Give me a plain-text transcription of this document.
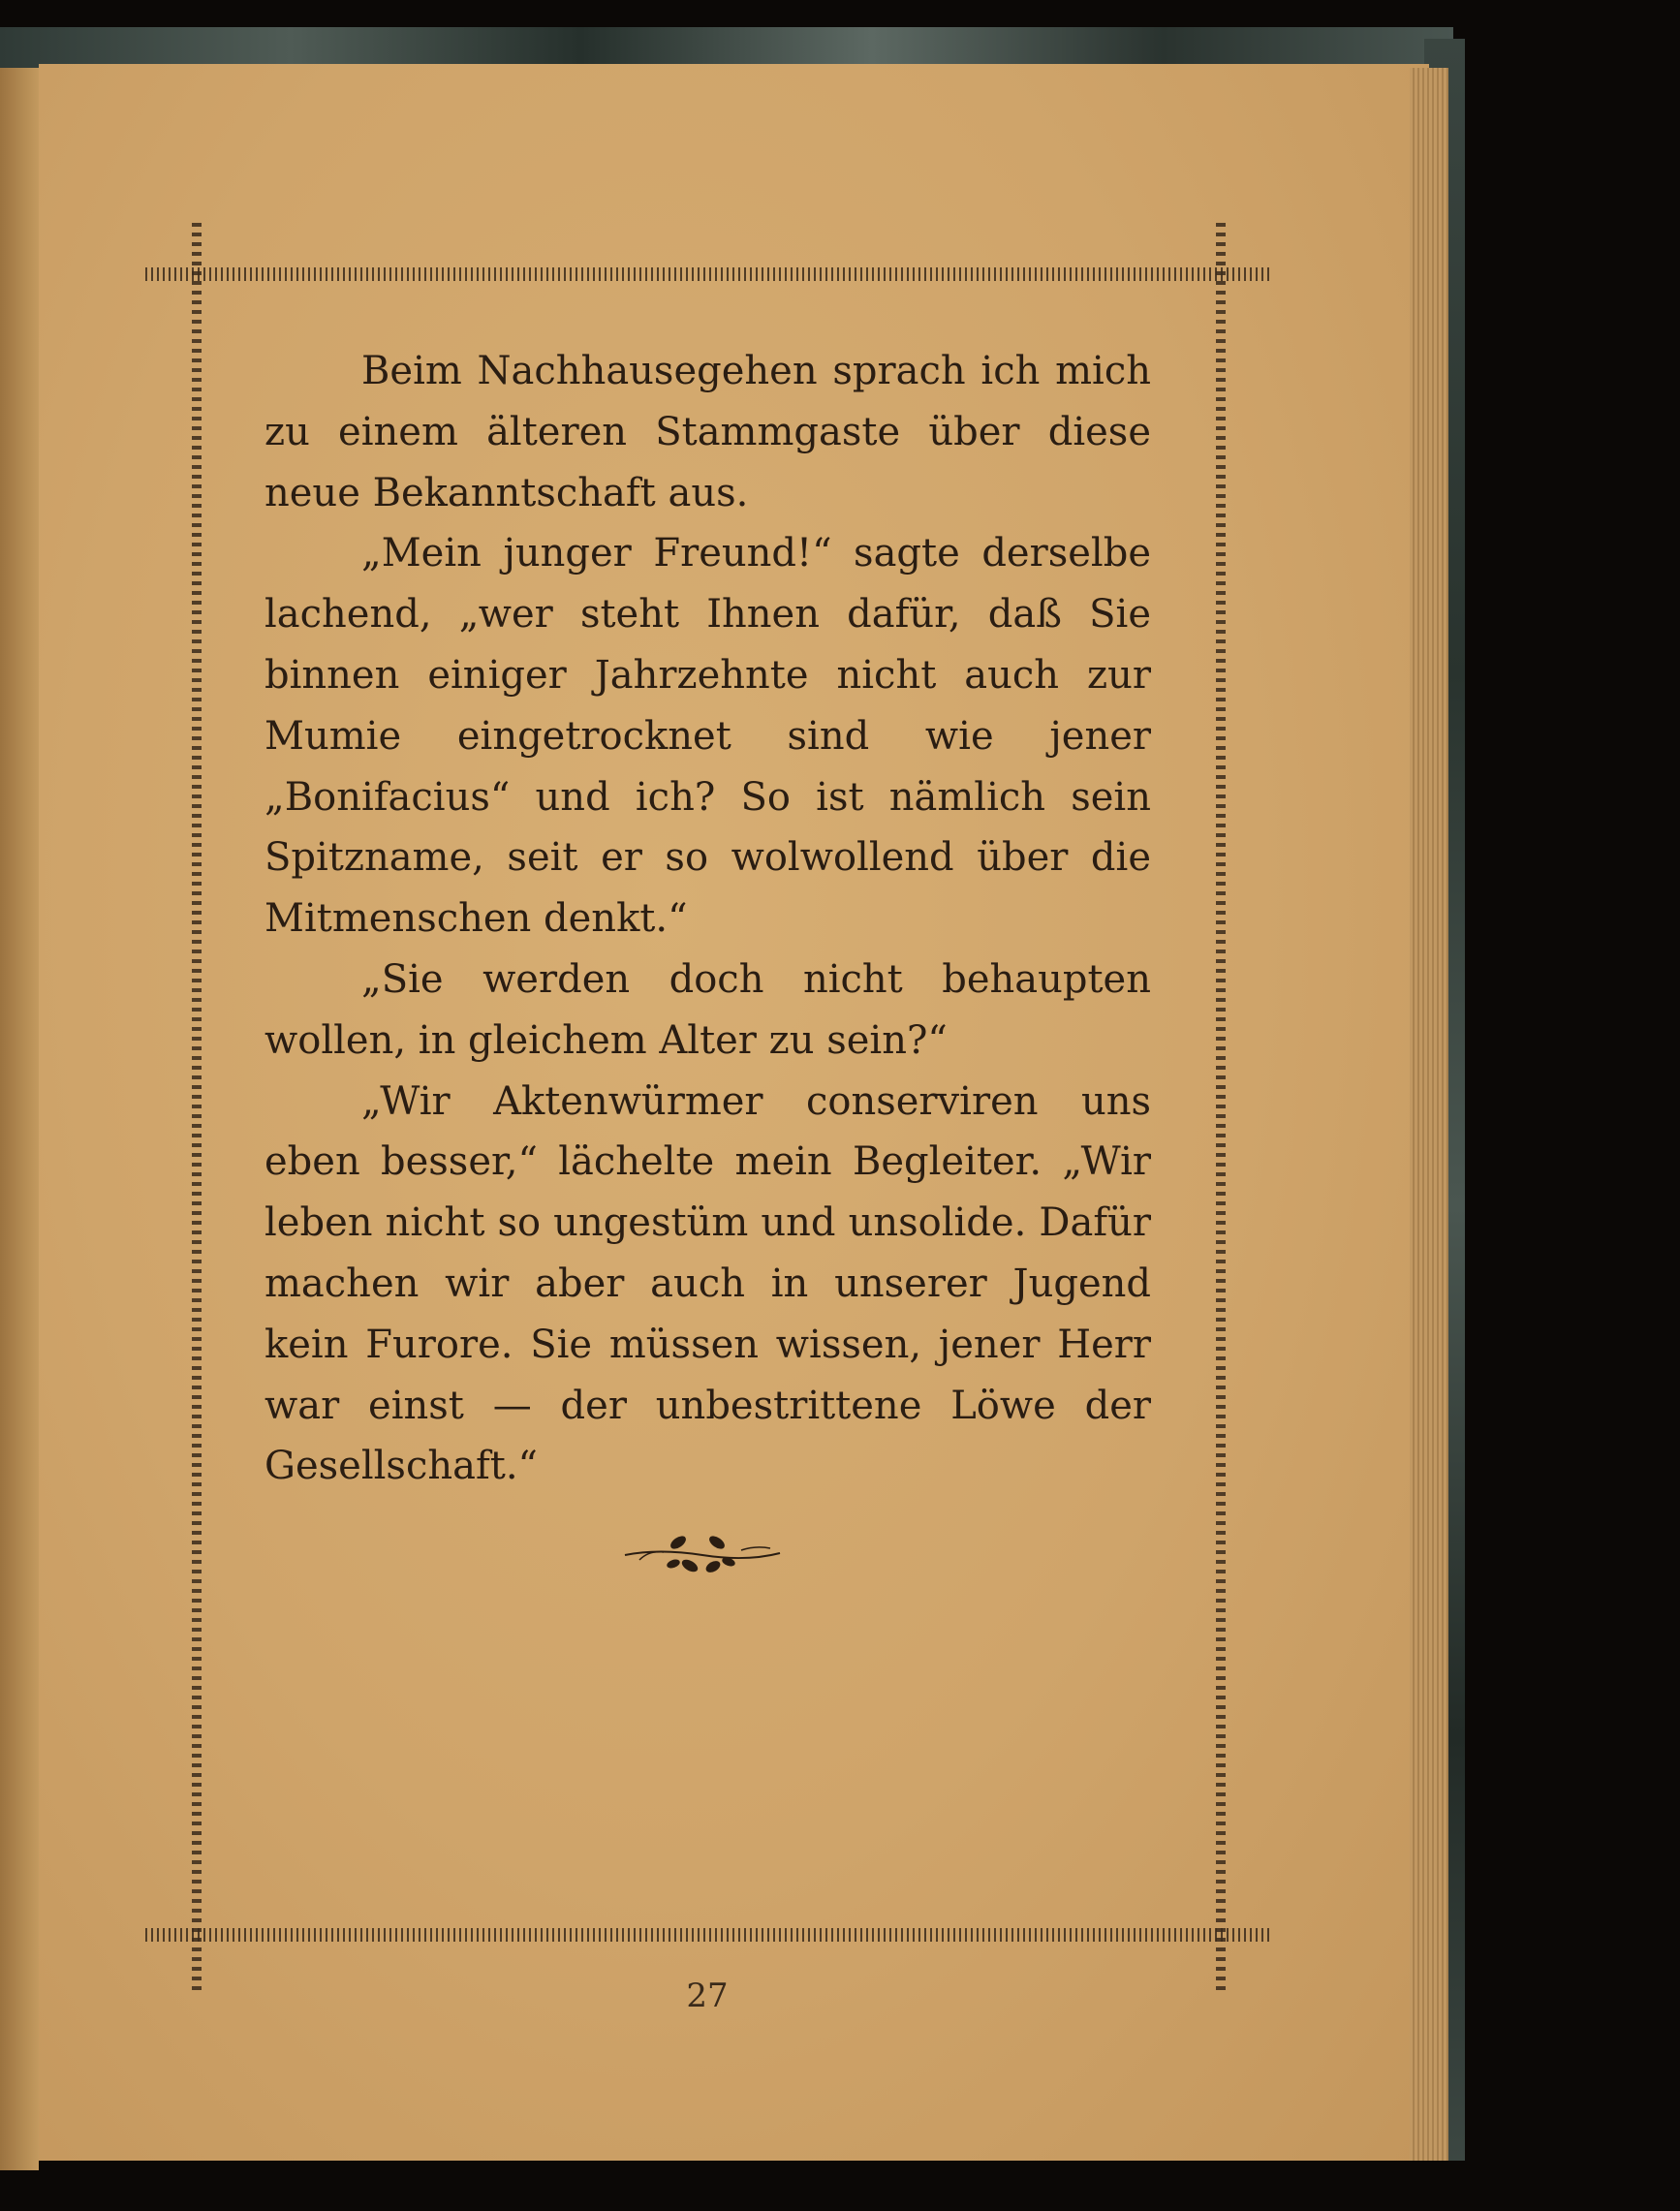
Beim Nachhausegehen sprach ich mich zu einem älteren Stammgaste über diese neue Bekanntschaft aus.

„Mein junger Freund!“ sagte derselbe lachend, „wer steht Ihnen dafür, daß Sie binnen einiger Jahrzehnte nicht auch zur Mumie eingetrocknet sind wie jener „Bonifacius“ und ich? So ist nämlich sein Spitzname, seit er so wolwollend über die Mitmenschen denkt.“

„Sie werden doch nicht behaupten wollen, in gleichem Alter zu sein?“

„Wir Aktenwürmer conserviren uns eben besser,“ lächelte mein Begleiter. „Wir leben nicht so ungestüm und unsolide. Dafür machen wir aber auch in unserer Jugend kein Furore. Sie müssen wissen, jener Herr war einst — der unbestrittene Löwe der Gesellschaft.“

27
